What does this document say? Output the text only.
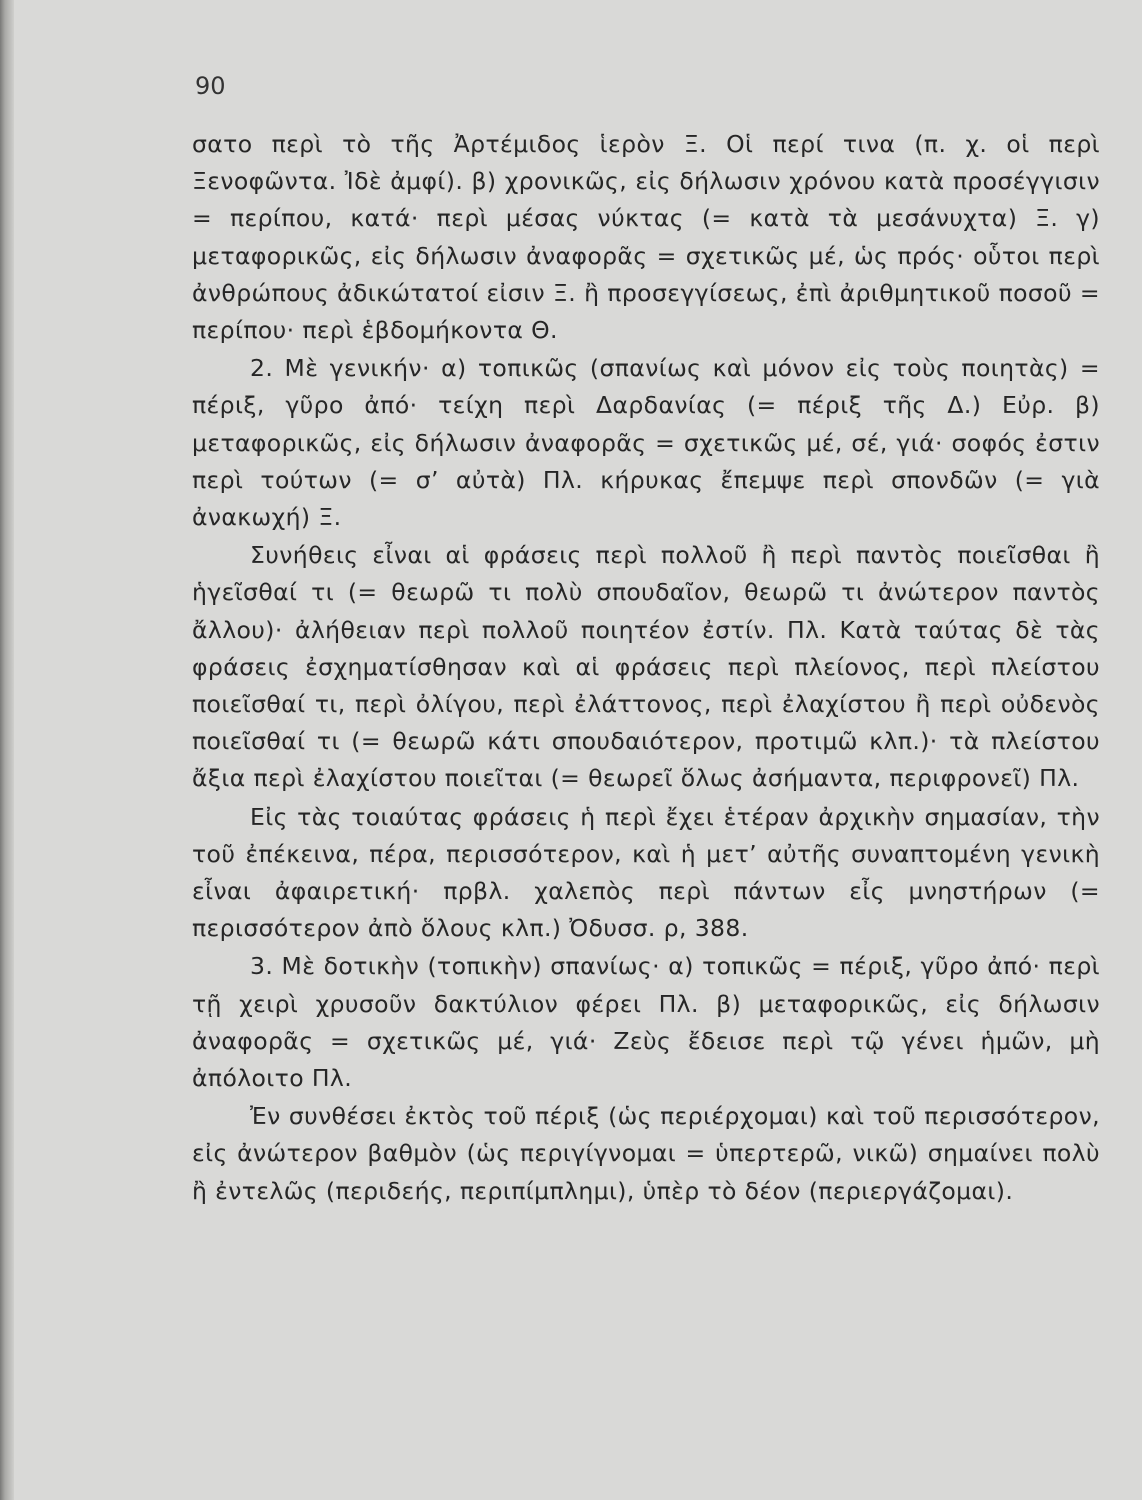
90

σατο περὶ τὸ τῆς Ἀρτέμιδος ἱερὸν Ξ. Οἱ περί τινα (π. χ. οἱ περὶ Ξενοφῶντα. Ἰδὲ ἀμφί). β) χρονικῶς, εἰς δήλωσιν χρόνου κατὰ προσέγγισιν = περίπου, κατά· περὶ μέσας νύκτας (= κατὰ τὰ μεσάνυχτα) Ξ. γ) μεταφορικῶς, εἰς δήλωσιν ἀναφορᾶς = σχετικῶς μέ, ὡς πρός· οὗτοι περὶ ἀνθρώπους ἀδικώτατοί εἰσιν Ξ. ἢ προσεγγίσεως, ἐπὶ ἀριθμητικοῦ ποσοῦ = περίπου· περὶ ἑβδομήκοντα Θ.

2. Μὲ γενικήν· α) τοπικῶς (σπανίως καὶ μόνον εἰς τοὺς ποιητὰς) = πέριξ, γῦρο ἀπό· τείχη περὶ Δαρδανίας (= πέριξ τῆς Δ.) Εὐρ. β) μεταφορικῶς, εἰς δήλωσιν ἀναφορᾶς = σχετικῶς μέ, σέ, γιά· σοφός ἐστιν περὶ τούτων (= σ’ αὐτὰ) Πλ. κήρυκας ἔπεμψε περὶ σπονδῶν (= γιὰ ἀνακωχή) Ξ.

Συνήθεις εἶναι αἱ φράσεις περὶ πολλοῦ ἢ περὶ παντὸς ποιεῖσθαι ἢ ἡγεῖσθαί τι (= θεωρῶ τι πολὺ σπουδαῖον, θεωρῶ τι ἀνώτερον παντὸς ἄλλου)· ἀλήθειαν περὶ πολλοῦ ποιητέον ἐστίν. Πλ. Κατὰ ταύτας δὲ τὰς φράσεις ἐσχηματίσθησαν καὶ αἱ φράσεις περὶ πλείονος, περὶ πλείστου ποιεῖσθαί τι, περὶ ὀλίγου, περὶ ἐλάττονος, περὶ ἐλαχίστου ἢ περὶ οὐδενὸς ποιεῖσθαί τι (= θεωρῶ κάτι σπουδαιότερον, προτιμῶ κλπ.)· τὰ πλείστου ἄξια περὶ ἐλαχίστου ποιεῖται (= θεωρεῖ ὅλως ἀσήμαντα, περιφρονεῖ) Πλ.

Εἰς τὰς τοιαύτας φράσεις ἡ περὶ ἔχει ἑτέραν ἀρχικὴν σημασίαν, τὴν τοῦ ἐπέκεινα, πέρα, περισσότερον, καὶ ἡ μετ’ αὐτῆς συναπτομένη γενικὴ εἶναι ἀφαιρετική· πρβλ. χαλεπὸς περὶ πάντων εἶς μνηστήρων (= περισσότερον ἀπὸ ὅλους κλπ.) Ὀδυσσ. ρ, 388.

3. Μὲ δοτικὴν (τοπικὴν) σπανίως· α) τοπικῶς = πέριξ, γῦρο ἀπό· περὶ τῇ χειρὶ χρυσοῦν δακτύλιον φέρει Πλ. β) μεταφορικῶς, εἰς δήλωσιν ἀναφορᾶς = σχετικῶς μέ, γιά· Ζεὺς ἔδεισε περὶ τῷ γένει ἡμῶν, μὴ ἀπόλοιτο Πλ.

Ἐν συνθέσει ἐκτὸς τοῦ πέριξ (ὡς περιέρχομαι) καὶ τοῦ περισσότερον, εἰς ἀνώτερον βαθμὸν (ὡς περιγίγνομαι = ὑπερτερῶ, νικῶ) σημαίνει πολὺ ἢ ἐντελῶς (περιδεής, περιπίμπλημι), ὑπὲρ τὸ δέον (περιεργάζομαι).
